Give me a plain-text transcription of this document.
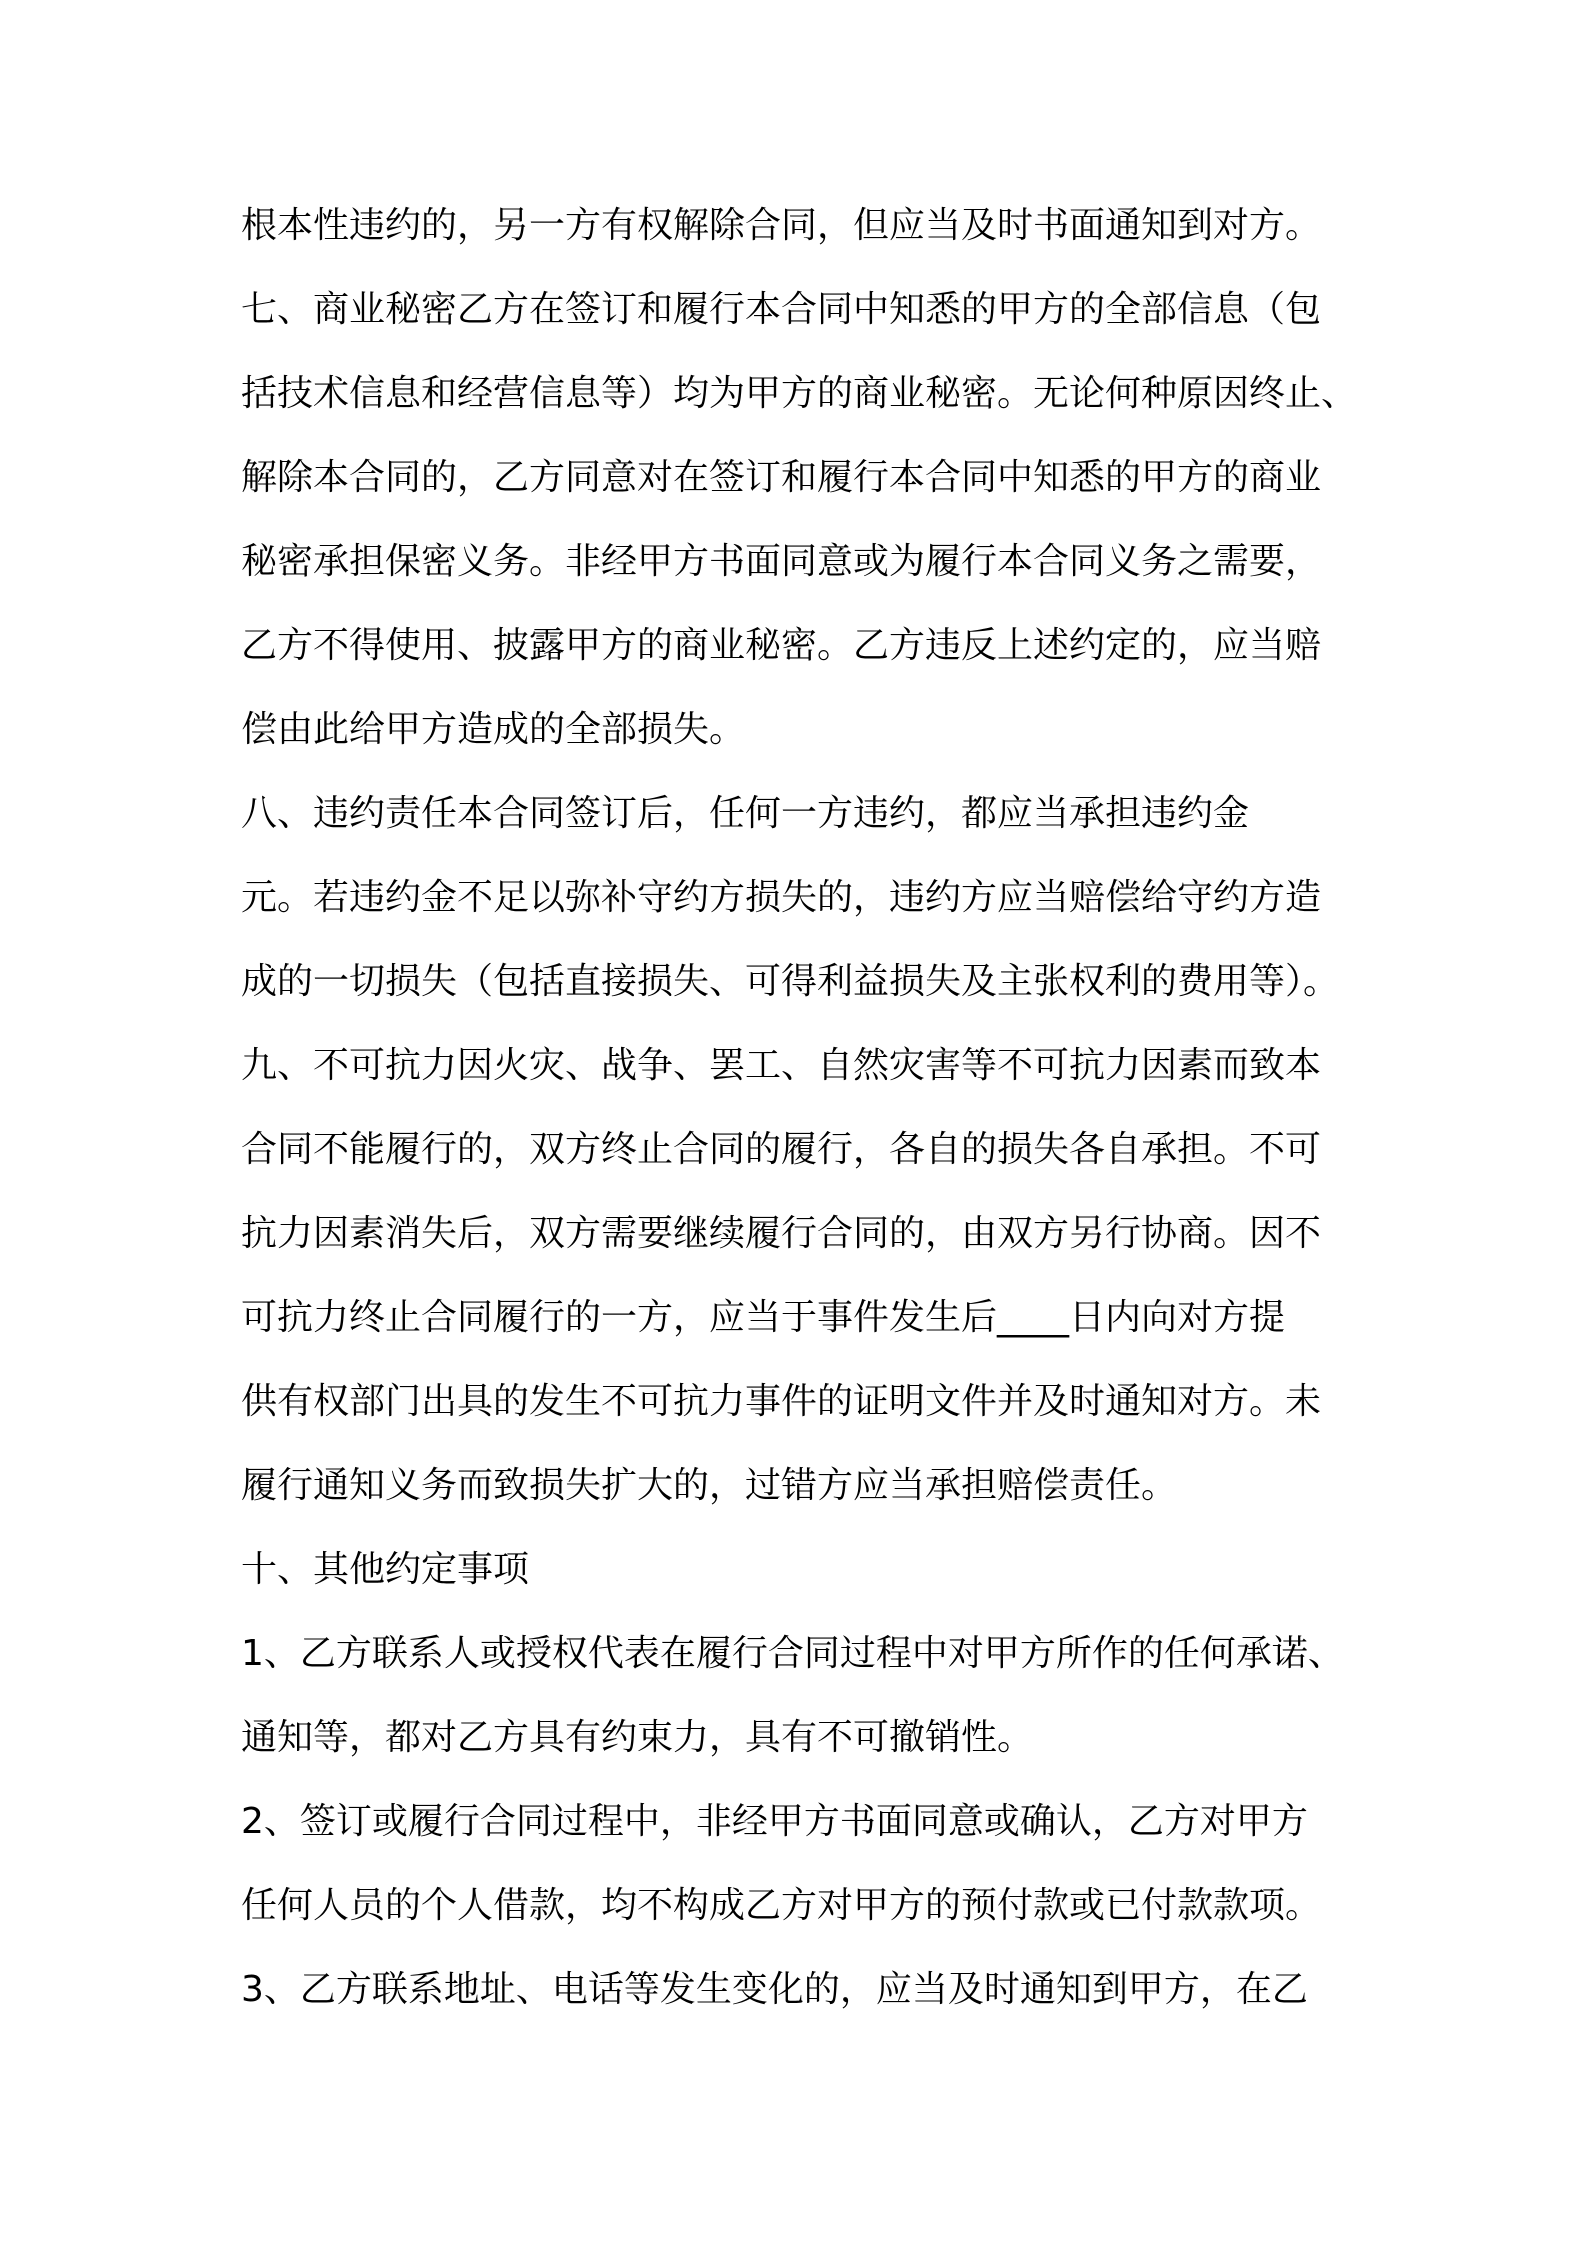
根本性违约的，另一方有权解除合同，但应当及时书面通知到对方。

七、商业秘密乙方在签订和履行本合同中知悉的甲方的全部信息（包

括技术信息和经营信息等）均为甲方的商业秘密。无论何种原因终止、

解除本合同的，乙方同意对在签订和履行本合同中知悉的甲方的商业

秘密承担保密义务。非经甲方书面同意或为履行本合同义务之需要，

乙方不得使用、披露甲方的商业秘密。乙方违反上述约定的，应当赔

偿由此给甲方造成的全部损失。

八、违约责任本合同签订后，任何一方违约，都应当承担违约金

元。若违约金不足以弥补守约方损失的，违约方应当赔偿给守约方造

成的一切损失（包括直接损失、可得利益损失及主张权利的费用等）。

九、不可抗力因火灾、战争、罢工、自然灾害等不可抗力因素而致本

合同不能履行的，双方终止合同的履行，各自的损失各自承担。不可

抗力因素消失后，双方需要继续履行合同的，由双方另行协商。因不

可抗力终止合同履行的一方，应当于事件发生后____日内向对方提

供有权部门出具的发生不可抗力事件的证明文件并及时通知对方。未

履行通知义务而致损失扩大的，过错方应当承担赔偿责任。

十、其他约定事项

1、乙方联系人或授权代表在履行合同过程中对甲方所作的任何承诺、

通知等，都对乙方具有约束力，具有不可撤销性。

2、签订或履行合同过程中，非经甲方书面同意或确认，乙方对甲方

任何人员的个人借款，均不构成乙方对甲方的预付款或已付款款项。

3、乙方联系地址、电话等发生变化的，应当及时通知到甲方，在乙
